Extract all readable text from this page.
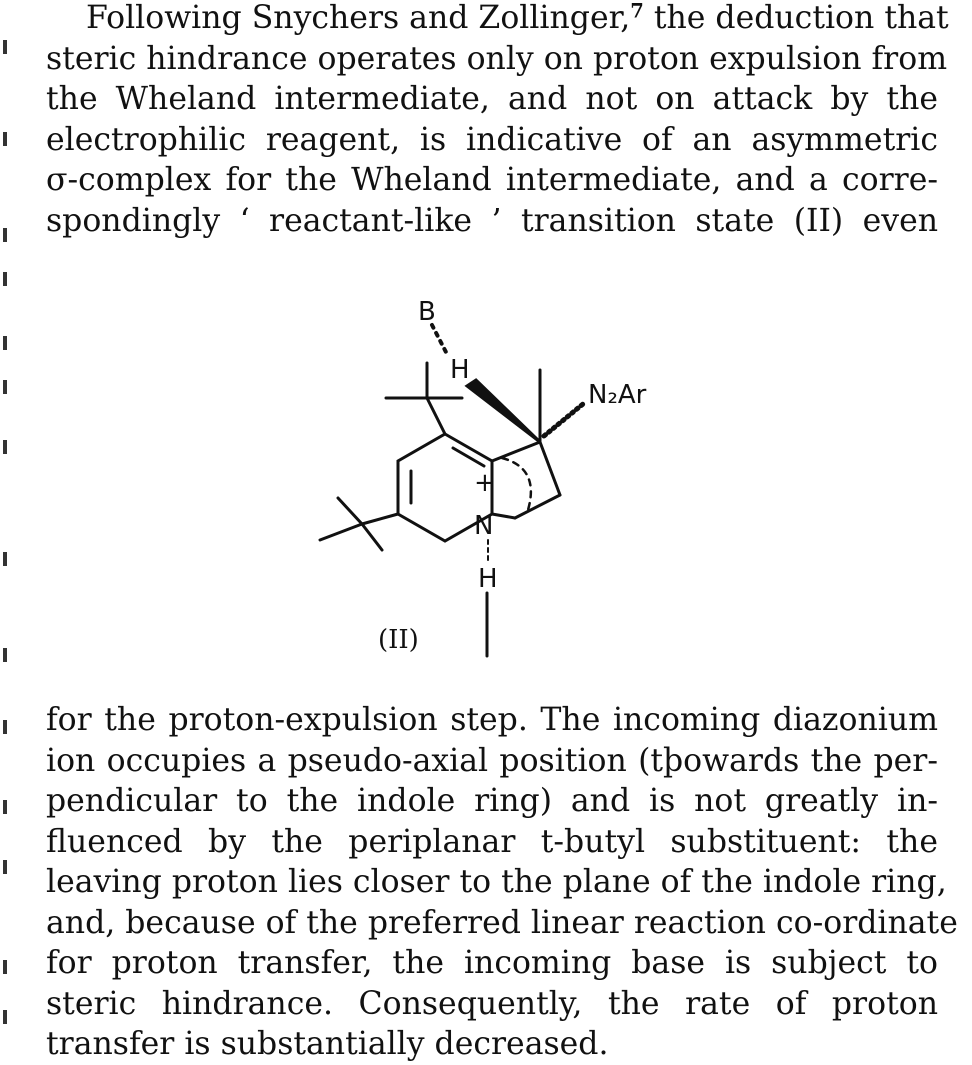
Following Snychers and Zollinger,$^7$ the deduction that
steric hindrance operates only on proton expulsion from
the Wheland intermediate, and not on attack by the
electrophilic reagent, is indicative of an asymmetric
σ-complex for the Wheland intermediate, and a corre-
spondingly ‘ reactant-like ’ transition state (II) even
+
N
H
H
B
N₂Ar
(II)
for the proton-expulsion step. The incoming diazonium
ion occupies a pseudo-axial position (tþowards the per-
pendicular to the indole ring) and is not greatly in-
fluenced by the periplanar t-butyl substituent: the
leaving proton lies closer to the plane of the indole ring,
and, because of the preferred linear reaction co-ordinate
for proton transfer, the incoming base is subject to
steric hindrance. Consequently, the rate of proton
transfer is substantially decreased.
